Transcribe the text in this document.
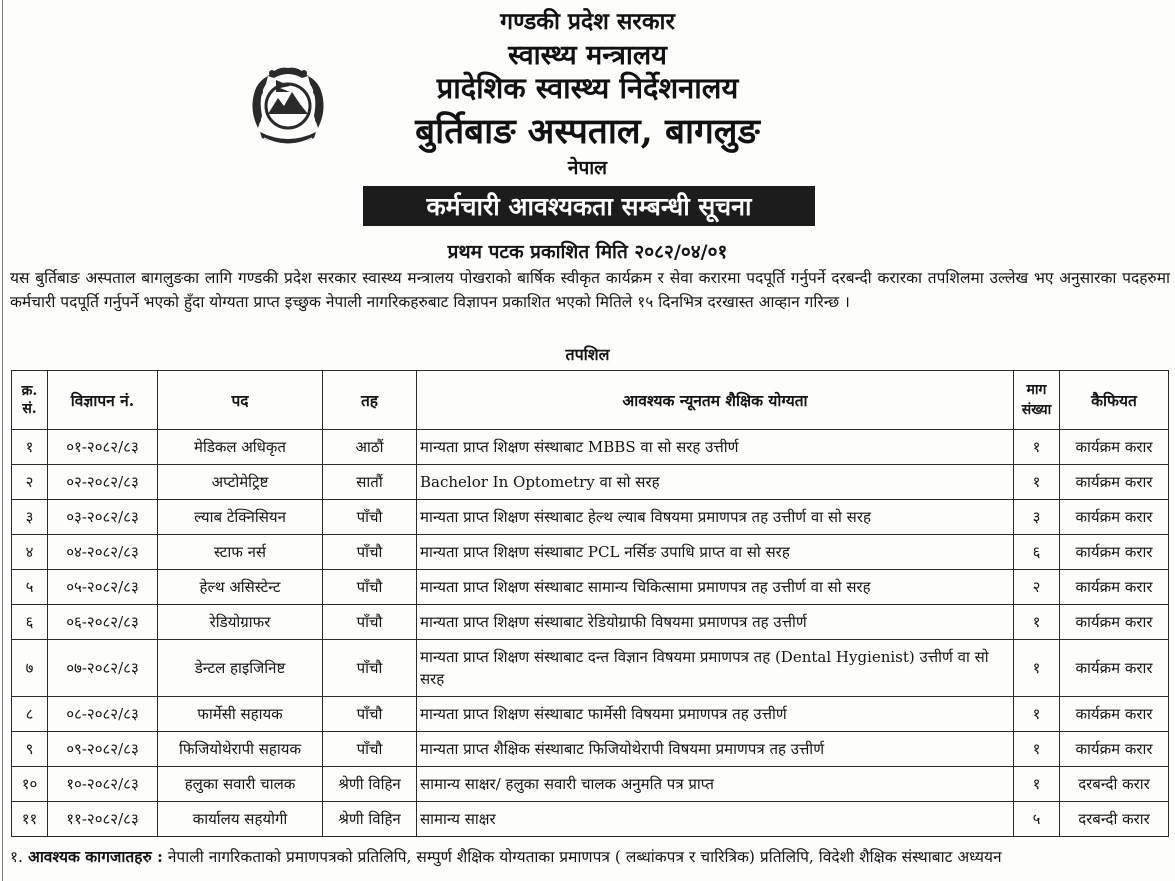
गण्डकी प्रदेश सरकार
स्वास्थ्य मन्त्रालय
प्रादेशिक स्वास्थ्य निर्देशनालय
बुर्तिबाङ अस्पताल, बागलुङ
नेपाल
कर्मचारी आवश्यकता सम्बन्धी सूचना
प्रथम पटक प्रकाशित मिति २०८२/०४/०१
यस बुर्तिबाङ अस्पताल बागलुङका लागि गण्डकी प्रदेश सरकार स्वास्थ्य मन्त्रालय पोखराको बार्षिक स्वीकृत कार्यक्रम र सेवा करारमा पदपूर्ति गर्नुपर्ने दरबन्दी करारका तपशिलमा उल्लेख भए अनुसारका पदहरुमा कर्मचारी पदपूर्ति गर्नुपर्ने भएको हुँदा योग्यता प्राप्त इच्छुक नेपाली नागरिकहरुबाट विज्ञापन प्रकाशित भएको मितिले १५ दिनभित्र दरखास्त आव्हान गरिन्छ ।
तपशिल
क्र. सं.	विज्ञापन नं.	पद	तह	आवश्यक न्यूनतम शैक्षिक योग्यता	माग संख्या	कैफियत
१	०१-२०८२/८३	मेडिकल अधिकृत	आठौं	मान्यता प्राप्त शिक्षण संस्थाबाट MBBS वा सो सरह उत्तीर्ण	१	कार्यक्रम करार
२	०२-२०८२/८३	अप्टोमेट्रिष्ट	सातौं	Bachelor In Optometry वा सो सरह	१	कार्यक्रम करार
३	०३-२०८२/८३	ल्याब टेक्निसियन	पाँचौ	मान्यता प्राप्त शिक्षण संस्थाबाट हेल्थ ल्याब विषयमा प्रमाणपत्र तह उत्तीर्ण वा सो सरह	३	कार्यक्रम करार
४	०४-२०८२/८३	स्टाफ नर्स	पाँचौ	मान्यता प्राप्त शिक्षण संस्थाबाट PCL नर्सिङ उपाधि प्राप्त वा सो सरह	६	कार्यक्रम करार
५	०५-२०८२/८३	हेल्थ असिस्टेन्ट	पाँचौ	मान्यता प्राप्त शिक्षण संस्थाबाट सामान्य चिकित्सामा प्रमाणपत्र तह उत्तीर्ण वा सो सरह	२	कार्यक्रम करार
६	०६-२०८२/८३	रेडियोग्राफर	पाँचौ	मान्यता प्राप्त शिक्षण संस्थाबाट रेडियोग्राफी विषयमा प्रमाणपत्र तह उत्तीर्ण	१	कार्यक्रम करार
७	०७-२०८२/८३	डेन्टल हाइजिनिष्ट	पाँचौ	मान्यता प्राप्त शिक्षण संस्थाबाट दन्त विज्ञान विषयमा प्रमाणपत्र तह (Dental Hygienist) उत्तीर्ण वा सो सरह	१	कार्यक्रम करार
८	०८-२०८२/८३	फार्मेसी सहायक	पाँचौ	मान्यता प्राप्त शिक्षण संस्थाबाट फार्मेसी विषयमा प्रमाणपत्र तह उत्तीर्ण	१	कार्यक्रम करार
९	०९-२०८२/८३	फिजियोथेरापी सहायक	पाँचौ	मान्यता प्राप्त शैक्षिक संस्थाबाट फिजियोथेरापी विषयमा प्रमाणपत्र तह उत्तीर्ण	१	कार्यक्रम करार
१०	१०-२०८२/८३	हलुका सवारी चालक	श्रेणी विहिन	सामान्य साक्षर/ हलुका सवारी चालक अनुमति पत्र प्राप्त	१	दरबन्दी करार
११	११-२०८२/८३	कार्यालय सहयोगी	श्रेणी विहिन	सामान्य साक्षर	५	दरबन्दी करार
१. आवश्यक कागजातहरु : नेपाली नागरिकताको प्रमाणपत्रको प्रतिलिपि, सम्पुर्ण शैक्षिक योग्यताका प्रमाणपत्र ( लब्धांकपत्र र चारित्रिक) प्रतिलिपि, विदेशी शैक्षिक संस्थाबाट अध्ययन
